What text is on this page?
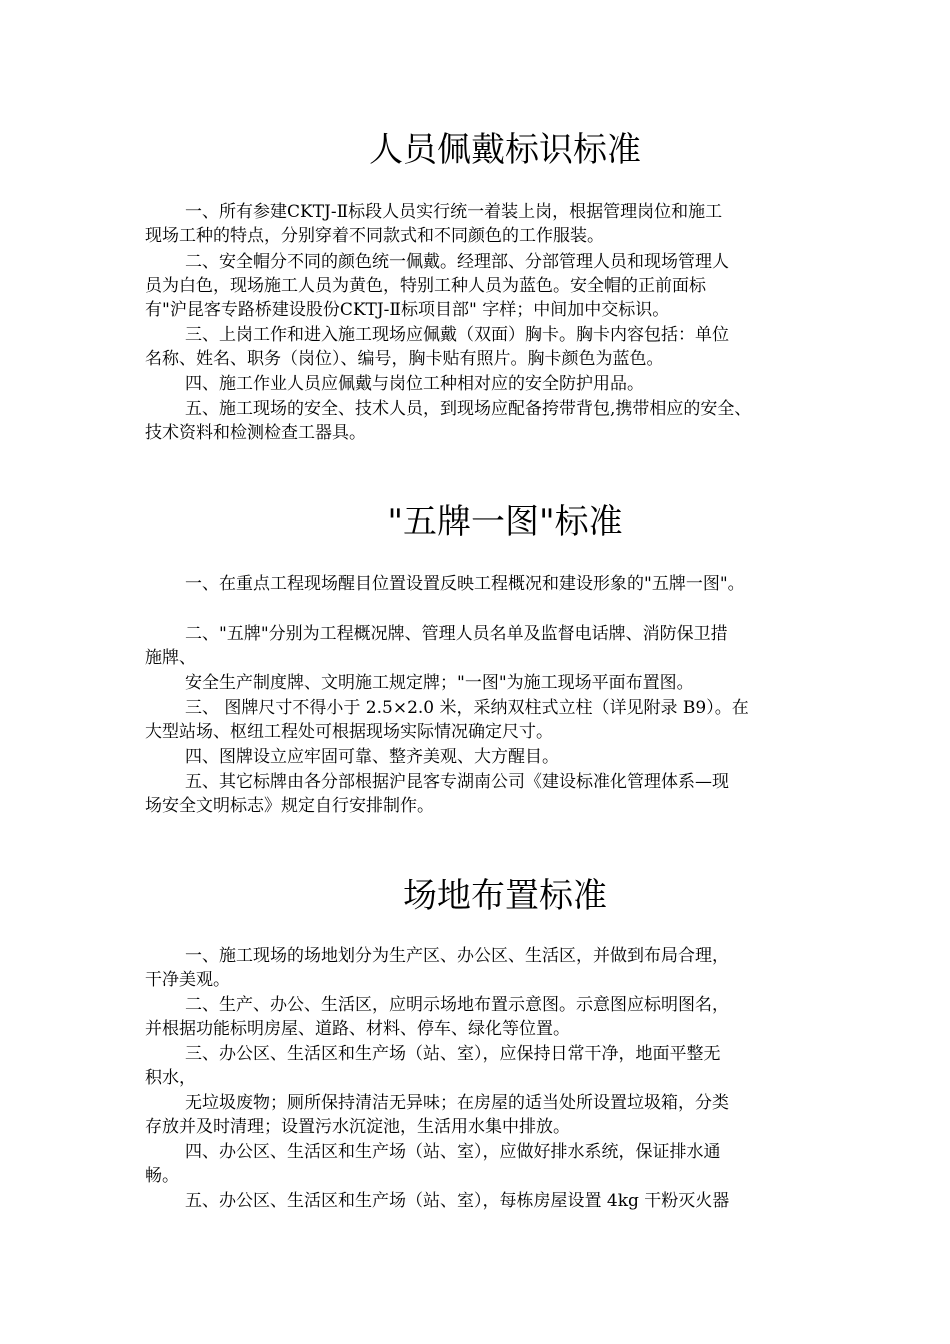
人员佩戴标识标准

一、所有参建CKTJ-Ⅱ标段人员实行统一着装上岗，根据管理岗位和施工

现场工种的特点，分别穿着不同款式和不同颜色的工作服装。

二、安全帽分不同的颜色统一佩戴。经理部、分部管理人员和现场管理人

员为白色，现场施工人员为黄色，特别工种人员为蓝色。安全帽的正前面标

有"沪昆客专路桥建设股份CKTJ-Ⅱ标项目部" 字样；中间加中交标识。

三、上岗工作和进入施工现场应佩戴（双面）胸卡。胸卡内容包括：单位

名称、姓名、职务（岗位）、编号，胸卡贴有照片。胸卡颜色为蓝色。

四、施工作业人员应佩戴与岗位工种相对应的安全防护用品。

五、施工现场的安全、技术人员，到现场应配备挎带背包,携带相应的安全、

技术资料和检测检查工器具。

"五牌一图"标准

一、在重点工程现场醒目位置设置反映工程概况和建设形象的"五牌一图"。

二、"五牌"分别为工程概况牌、管理人员名单及监督电话牌、消防保卫措

施牌、

安全生产制度牌、文明施工规定牌；"一图"为施工现场平面布置图。

三、 图牌尺寸不得小于 2.5×2.0 米，采纳双柱式立柱（详见附录 B9）。在

大型站场、枢纽工程处可根据现场实际情况确定尺寸。

四、图牌设立应牢固可靠、整齐美观、大方醒目。

五、其它标牌由各分部根据沪昆客专湖南公司《建设标准化管理体系—现

场安全文明标志》规定自行安排制作。

场地布置标准

一、施工现场的场地划分为生产区、办公区、生活区，并做到布局合理，

干净美观。

二、生产、办公、生活区，应明示场地布置示意图。示意图应标明图名，

并根据功能标明房屋、道路、材料、停车、绿化等位置。

三、办公区、生活区和生产场（站、室），应保持日常干净，地面平整无

积水，

无垃圾废物；厕所保持清洁无异味；在房屋的适当处所设置垃圾箱，分类

存放并及时清理；设置污水沉淀池，生活用水集中排放。

四、办公区、生活区和生产场（站、室），应做好排水系统，保证排水通

畅。

五、办公区、生活区和生产场（站、室），每栋房屋设置 4kg 干粉灭火器
